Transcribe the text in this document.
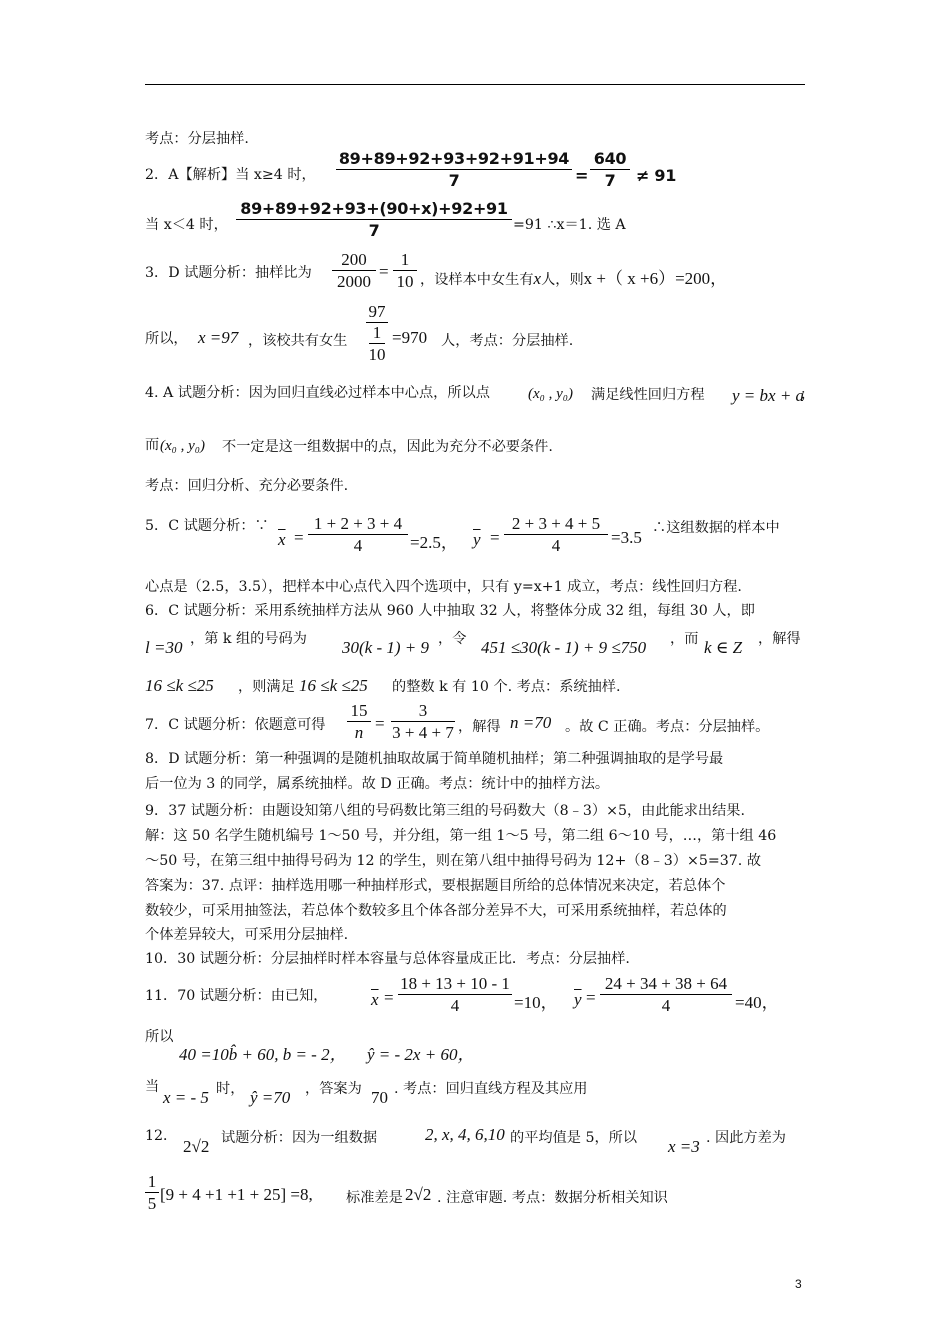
考点：分层抽样.
2．A【解析】当 x≥4 时， $\frac{89+89+92+93+92+91+94}{7} = \frac{640}{7} \ne 91$
当 x＜4 时， $\frac{89+89+92+93+(90+x)+92+91}{7} =91$ ∴x＝1. 选 A
3．D 试题分析：抽样比为 $\frac{200}{2000} = \frac{1}{10}$ ，设样本中女生有x人，则x +（ x +6）=200，
所以， x =97 ，该校共有女生
97
1
10
=970 人，考点：分层抽样.
4. A 试题分析：因为回归直线必过样本中心点，所以点	(x₀ , y₀) 满足线性回归方程 y = bx + a
；
而 (x₀ , y₀) 不一定是这一组数据中的点，因此为充分不必要条件.
考点：回归分析、充分必要条件.
5．C 试题分析：∵
$\overline{x} = \frac{1 + 2 + 3 + 4}{4} =2.5$， $\overline{y} = \frac{2 + 3 + 4 + 5}{4} =3.5$ ∴这组数据的样本中
心点是（2.5，3.5），把样本中心点代入四个选项中，只有 y=x+1 成立，考点：线性回归方程.
6．C 试题分析：采用系统抽样方法从 960 人中抽取 32 人，将整体分成 32 组，每组 30 人，即
l =30 ，第 k 组的号码为 30(k - 1) + 9 ，令 451 ≤30(k - 1) + 9 ≤750 ，而 k ∈ Z ，解得
16 ≤k ≤25 ，则满足 16 ≤k ≤25 的整数 k 有 10 个. 考点：系统抽样.
7．C 试题分析：依题意可得 $\frac{15}{n} = \frac{3}{3 + 4 + 7}$ ，解得 n =70 。故 C 正确。考点：分层抽样。
8．D 试题分析：第一种强调的是随机抽取故属于简单随机抽样；第二种强调抽取的是学号最
后一位为 3 的同学，属系统抽样。故 D 正确。考点：统计中的抽样方法。
9．37 试题分析：由题设知第八组的号码数比第三组的号码数大（8﹣3）×5，由此能求出结果.
解：这 50 名学生随机编号 1～50 号，并分组，第一组 1～5 号，第二组 6～10 号，…，第十组 46
～50 号，在第三组中抽得号码为 12 的学生，则在第八组中抽得号码为 12+（8﹣3）×5=37. 故
答案为：37. 点评：抽样选用哪一种抽样形式，要根据题目所给的总体情况来决定，若总体个
数较少，可采用抽签法，若总体个数较多且个体各部分差异不大，可采用系统抽样，若总体的
个体差异较大，可采用分层抽样.
10．30 试题分析：分层抽样时样本容量与总体容量成正比．考点：分层抽样.
11．70 试题分析：由已知，	$\overline{x} = \frac{18 + 13 + 10 - 1}{4} =10$， $\overline{y} = \frac{24 + 34 + 38 + 64}{4} =40$，
所以
40 =10b̂ + 60, b = - 2， ŷ = - 2x + 60，
当
x = - 5 时， ŷ =70 ，答案为 70 . 考点：回归直线方程及其应用
12．
2√2 试题分析：因为一组数据	2, x, 4, 6,10 的平均值是 5，所以 x =3 . 因此方差为
$\frac{1}{5} [9 + 4 +1 +1 + 25] =8$, 标准差是 2√2 . 注意审题. 考点：数据分析相关知识
3
